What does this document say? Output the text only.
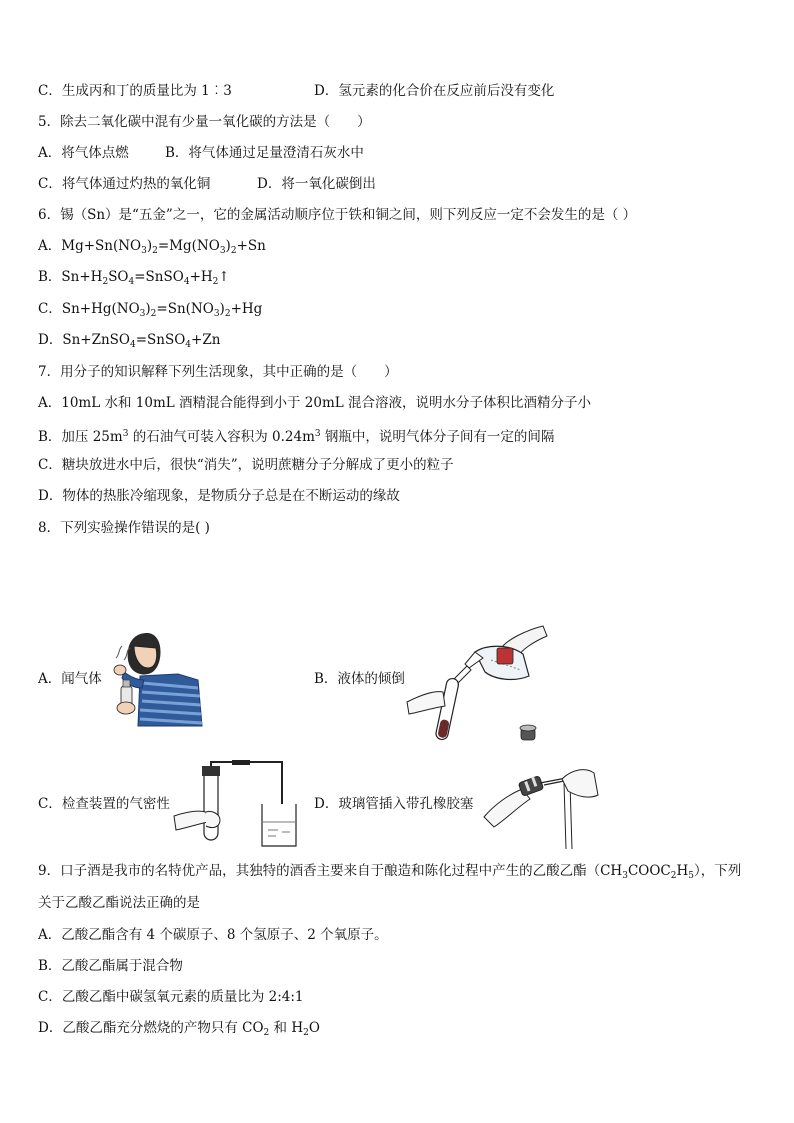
C．生成丙和丁的质量比为 1︰3	D．氢元素的化合价在反应前后没有变化
5．除去二氧化碳中混有少量一氧化碳的方法是（　　）
A．将气体点燃	B．将气体通过足量澄清石灰水中
C．将气体通过灼热的氧化铜	D．将一氧化碳倒出
6．锡（Sn）是“五金”之一，它的金属活动顺序位于铁和铜之间，则下列反应一定不会发生的是（ ）
A．$Mg+Sn(NO_3)_2=Mg(NO_3)_2+Sn$
B．$Sn+H_2SO_4=SnSO_4+H_2↑$
C．$Sn+Hg(NO_3)_2=Sn(NO_3)_2+Hg$
D．Sn+ZnSO$_4$=SnSO$_4$+Zn
7．用分子的知识解释下列生活现象，其中正确的是（　　）
A．10mL 水和 10mL 酒精混合能得到小于 20mL 混合溶液，说明水分子体积比酒精分子小
B．加压 $25m^3$ 的石油气可装入容积为 $0.24m^3$ 钢瓶中，说明气体分子间有一定的间隔
C．糖块放进水中后，很快“消失”，说明蔗糖分子分解成了更小的粒子
D．物体的热胀冷缩现象，是物质分子总是在不断运动的缘故
8．下列实验操作错误的是( )
A．闻气体	B．液体的倾倒
C．检查装置的气密性	D．玻璃管插入带孔橡胶塞
9．口子酒是我市的名特优产品，其独特的酒香主要来自于酿造和陈化过程中产生的乙酸乙酯$(CH_3COOC_2H_5)$，下列
关于乙酸乙酯说法正确的是
A．乙酸乙酯含有 4 个碳原子、8 个氢原子、2 个氧原子。
B．乙酸乙酯属于混合物
C．乙酸乙酯中碳氢氧元素的质量比为 2:4:1
D．乙酸乙酯充分燃烧的产物只有 $CO_2$ 和 $H_2O$
